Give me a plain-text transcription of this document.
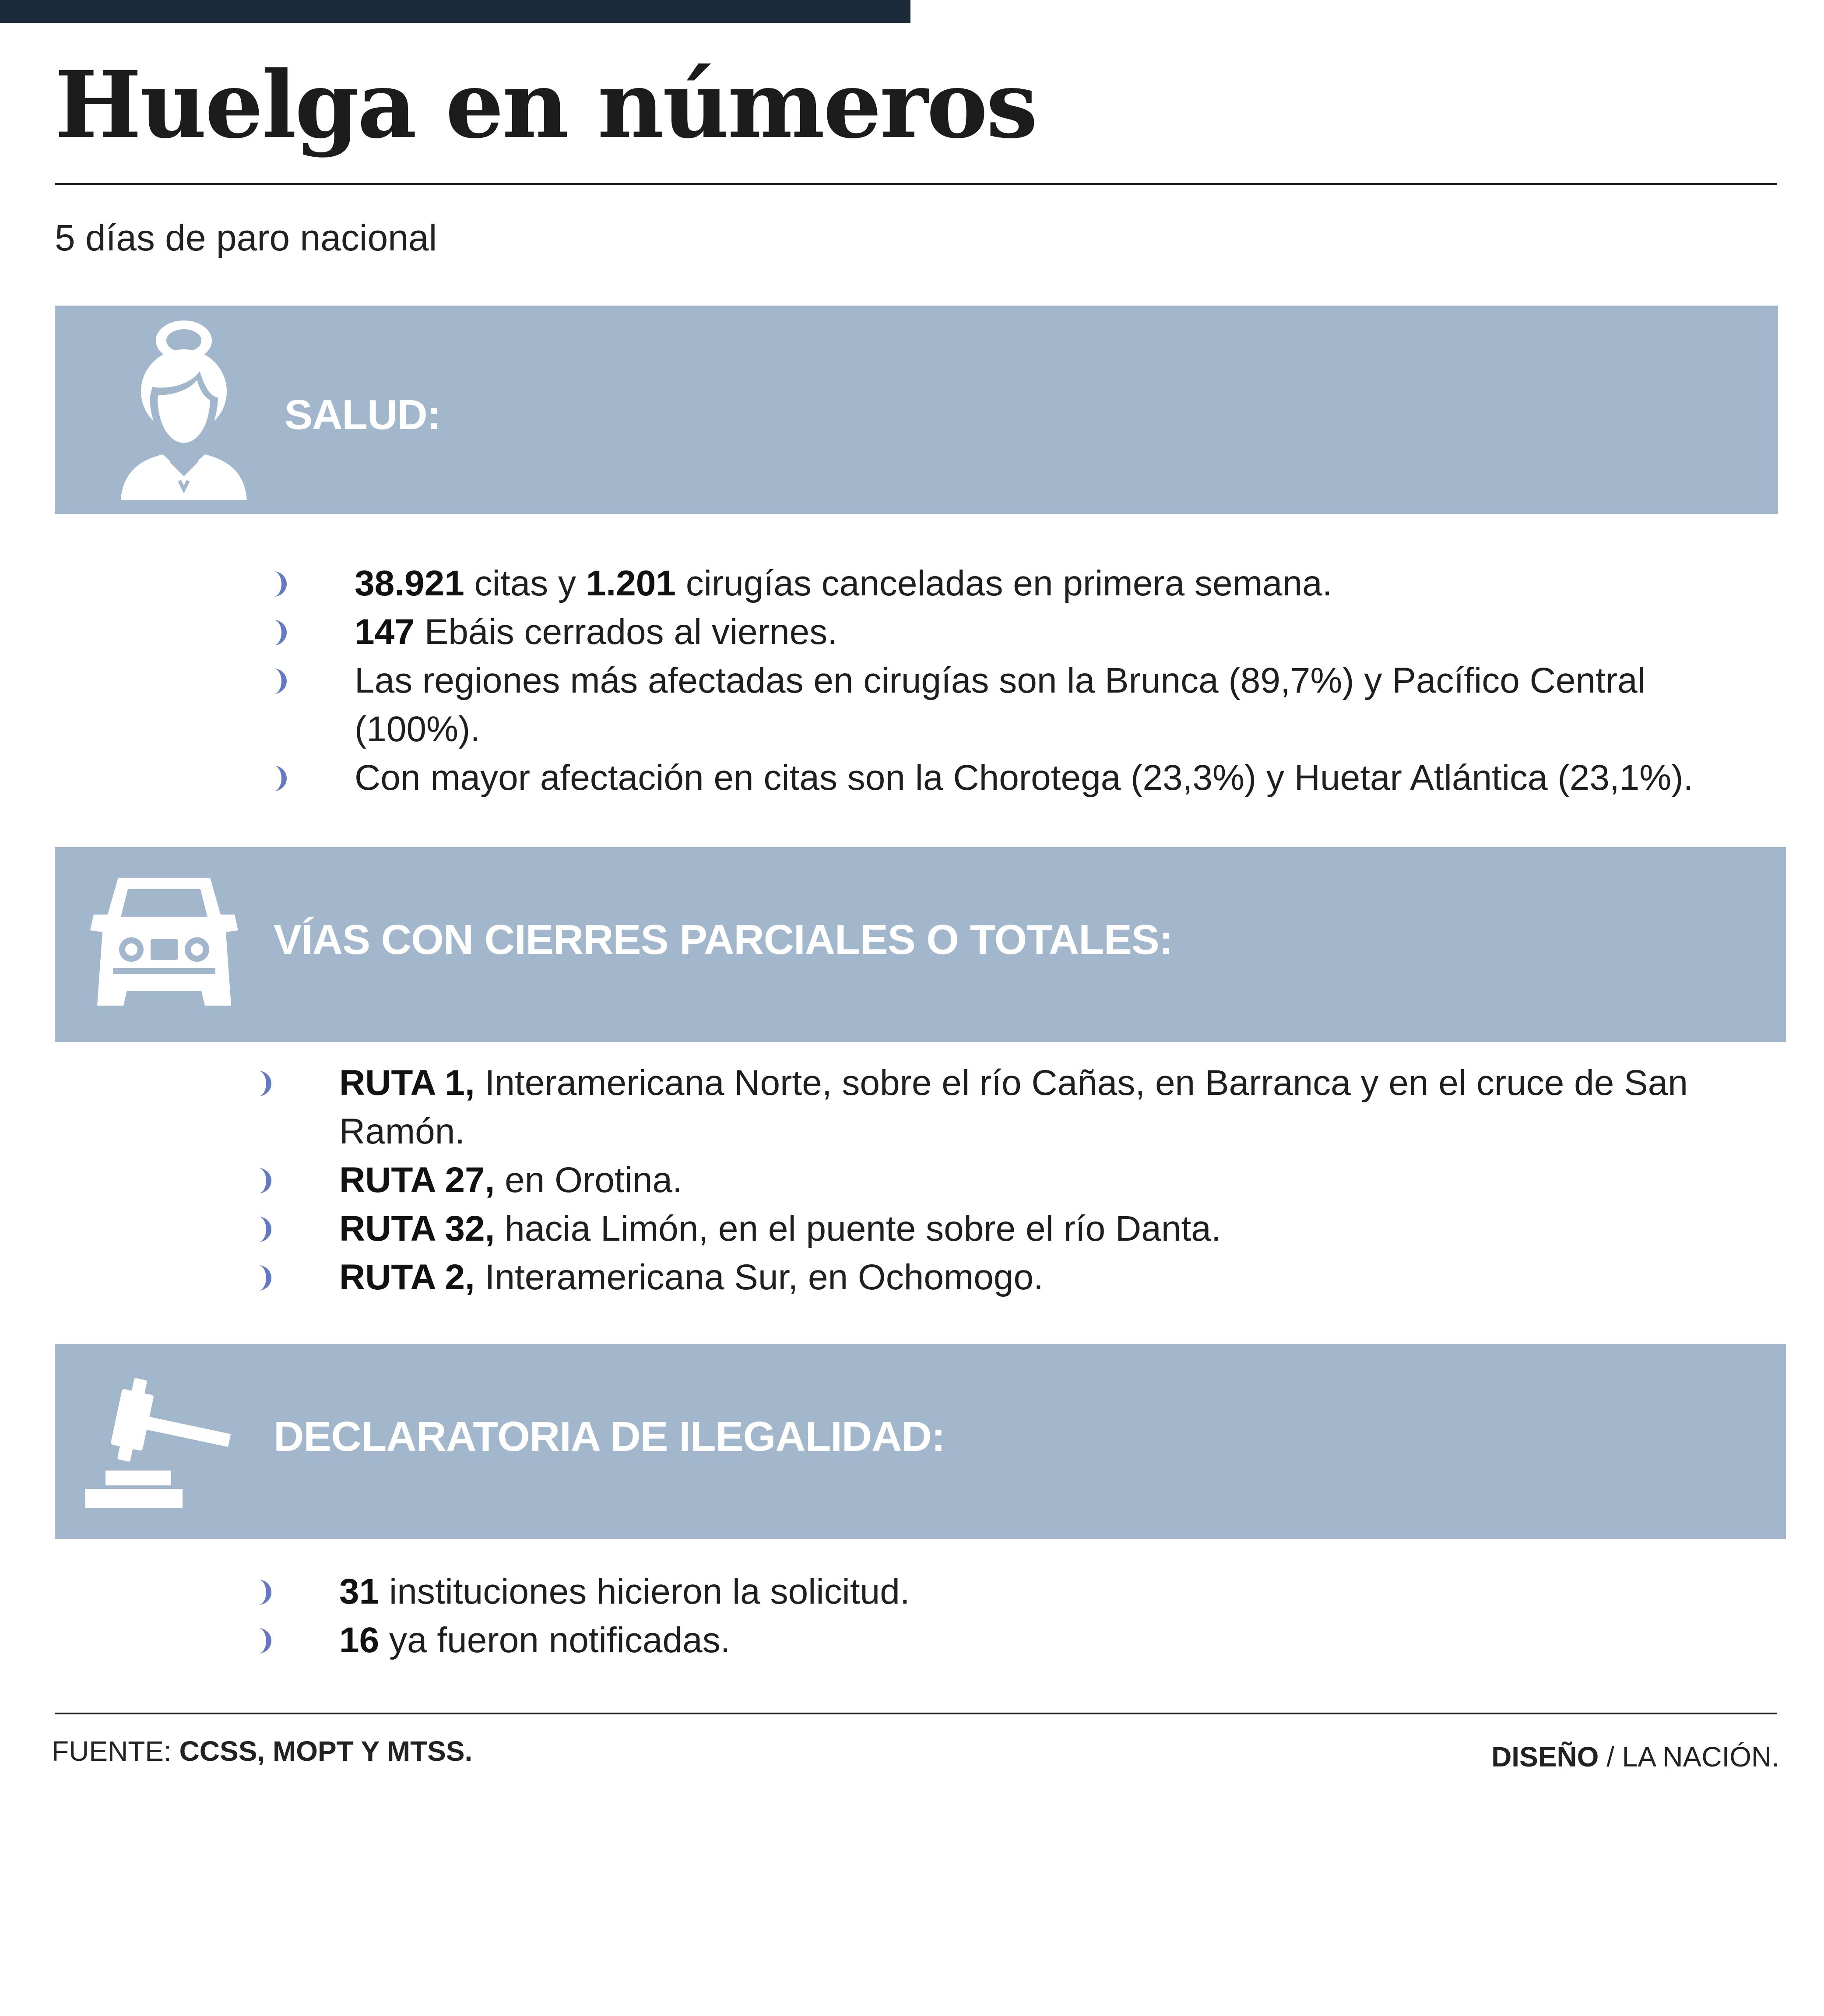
Huelga en números
5 días de paro nacional
SALUD:
38.921 citas y 1.201 cirugías canceladas en primera semana.
147 Ebáis cerrados al viernes.
Las regiones más afectadas en cirugías son la Brunca (89,7%) y Pacífico Central (100%).
Con mayor afectación en citas son la Chorotega (23,3%) y Huetar Atlántica (23,1%).
VÍAS CON CIERRES PARCIALES O TOTALES:
RUTA 1, Interamericana Norte, sobre el río Cañas, en Barranca y en el cruce de San Ramón.
RUTA 27, en Orotina.
RUTA 32, hacia Limón, en el puente sobre el río Danta.
RUTA 2, Interamericana Sur, en Ochomogo.
DECLARATORIA DE ILEGALIDAD:
31 instituciones hicieron la solicitud.
16 ya fueron notificadas.
FUENTE: CCSS, MOPT Y MTSS.	DISEÑO / LA NACIÓN.
